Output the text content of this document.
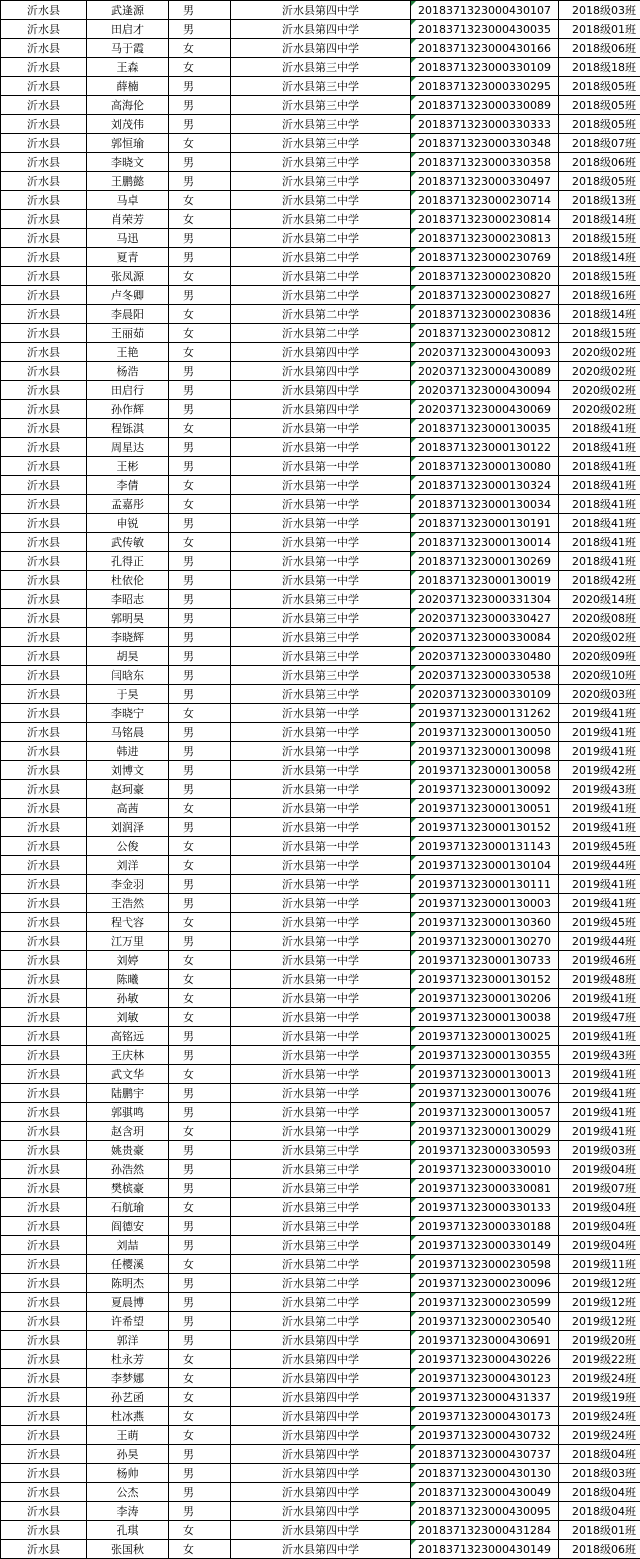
沂水县	武逢源	男	沂水县第四中学	2018371323000430107	2018级03班
沂水县	田启才	男	沂水县第四中学	2018371323000430035	2018级01班
沂水县	马于霞	女	沂水县第四中学	2018371323000430166	2018级06班
沂水县	王森	女	沂水县第三中学	2018371323000330109	2018级18班
沂水县	薛楠	男	沂水县第三中学	2018371323000330295	2018级05班
沂水县	高海伦	男	沂水县第三中学	2018371323000330089	2018级05班
沂水县	刘茂伟	男	沂水县第三中学	2018371323000330333	2018级05班
沂水县	郭恒瑜	女	沂水县第三中学	2018371323000330348	2018级07班
沂水县	李晓文	男	沂水县第三中学	2018371323000330358	2018级06班
沂水县	王鹏懿	男	沂水县第三中学	2018371323000330497	2018级05班
沂水县	马卓	女	沂水县第二中学	2018371323000230714	2018级13班
沂水县	肖荣芳	女	沂水县第二中学	2018371323000230814	2018级14班
沂水县	马迅	男	沂水县第二中学	2018371323000230813	2018级15班
沂水县	夏青	男	沂水县第二中学	2018371323000230769	2018级14班
沂水县	张凤源	女	沂水县第二中学	2018371323000230820	2018级15班
沂水县	卢冬卿	男	沂水县第二中学	2018371323000230827	2018级16班
沂水县	李晨阳	女	沂水县第二中学	2018371323000230836	2018级14班
沂水县	王丽茹	女	沂水县第二中学	2018371323000230812	2018级15班
沂水县	王艳	女	沂水县第四中学	2020371323000430093	2020级02班
沂水县	杨浩	男	沂水县第四中学	2020371323000430089	2020级02班
沂水县	田启行	男	沂水县第四中学	2020371323000430094	2020级02班
沂水县	孙作辉	男	沂水县第四中学	2020371323000430069	2020级02班
沂水县	程铄淇	女	沂水县第一中学	2018371323000130035	2018级41班
沂水县	周星达	男	沂水县第一中学	2018371323000130122	2018级41班
沂水县	王彬	男	沂水县第一中学	2018371323000130080	2018级41班
沂水县	李倩	女	沂水县第一中学	2018371323000130324	2018级41班
沂水县	孟嘉彤	女	沂水县第一中学	2018371323000130034	2018级41班
沂水县	申锐	男	沂水县第一中学	2018371323000130191	2018级41班
沂水县	武传敏	女	沂水县第一中学	2018371323000130014	2018级41班
沂水县	孔得正	男	沂水县第一中学	2018371323000130269	2018级41班
沂水县	杜依伦	男	沂水县第一中学	2018371323000130019	2018级42班
沂水县	李昭志	男	沂水县第三中学	2020371323000331304	2020级14班
沂水县	郭明昊	男	沂水县第三中学	2020371323000330427	2020级08班
沂水县	李晓辉	男	沂水县第三中学	2020371323000330084	2020级02班
沂水县	胡昊	男	沂水县第三中学	2020371323000330480	2020级09班
沂水县	闫晗东	男	沂水县第三中学	2020371323000330538	2020级10班
沂水县	于昊	男	沂水县第三中学	2020371323000330109	2020级03班
沂水县	李晓宁	女	沂水县第一中学	2019371323000131262	2019级41班
沂水县	马铭晨	男	沂水县第一中学	2019371323000130050	2019级41班
沂水县	韩进	男	沂水县第一中学	2019371323000130098	2019级41班
沂水县	刘博文	男	沂水县第一中学	2019371323000130058	2019级42班
沂水县	赵珂豪	男	沂水县第一中学	2019371323000130092	2019级43班
沂水县	高茜	女	沂水县第一中学	2019371323000130051	2019级41班
沂水县	刘润泽	男	沂水县第一中学	2019371323000130152	2019级41班
沂水县	公俊	女	沂水县第一中学	2019371323000131143	2019级45班
沂水县	刘洋	女	沂水县第一中学	2019371323000130104	2019级44班
沂水县	李金羽	男	沂水县第一中学	2019371323000130111	2019级41班
沂水县	王浩然	男	沂水县第一中学	2019371323000130003	2019级41班
沂水县	程弋容	女	沂水县第一中学	2019371323000130360	2019级45班
沂水县	江万里	男	沂水县第一中学	2019371323000130270	2019级44班
沂水县	刘婷	女	沂水县第一中学	2019371323000130733	2019级46班
沂水县	陈曦	女	沂水县第一中学	2019371323000130152	2019级48班
沂水县	孙敏	女	沂水县第一中学	2019371323000130206	2019级41班
沂水县	刘敏	女	沂水县第一中学	2019371323000130038	2019级47班
沂水县	高铭远	男	沂水县第一中学	2019371323000130025	2019级41班
沂水县	王庆林	男	沂水县第一中学	2019371323000130355	2019级43班
沂水县	武文华	女	沂水县第一中学	2019371323000130013	2019级41班
沂水县	陆鹏宇	男	沂水县第一中学	2019371323000130076	2019级41班
沂水县	郭骐鸣	男	沂水县第一中学	2019371323000130057	2019级41班
沂水县	赵含玥	女	沂水县第一中学	2019371323000130029	2019级41班
沂水县	姚贵豪	男	沂水县第三中学	2019371323000330593	2019级03班
沂水县	孙浩然	男	沂水县第三中学	2019371323000330010	2019级04班
沂水县	樊槟豪	男	沂水县第三中学	2019371323000330081	2019级07班
沂水县	石航瑜	女	沂水县第三中学	2019371323000330133	2019级04班
沂水县	阎德安	男	沂水县第三中学	2019371323000330188	2019级04班
沂水县	刘喆	男	沂水县第三中学	2019371323000330149	2019级04班
沂水县	任樱溪	女	沂水县第二中学	2019371323000230598	2019级11班
沂水县	陈明杰	男	沂水县第二中学	2019371323000230096	2019级12班
沂水县	夏晨博	男	沂水县第二中学	2019371323000230599	2019级12班
沂水县	许希望	男	沂水县第二中学	2019371323000230540	2019级12班
沂水县	郭洋	男	沂水县第四中学	2019371323000430691	2019级20班
沂水县	杜永芳	女	沂水县第四中学	2019371323000430226	2019级22班
沂水县	李梦娜	女	沂水县第四中学	2019371323000430123	2019级24班
沂水县	孙艺函	女	沂水县第四中学	2019371323000431337	2019级19班
沂水县	杜冰燕	女	沂水县第四中学	2019371323000430173	2019级24班
沂水县	王萌	女	沂水县第四中学	2019371323000430732	2019级24班
沂水县	孙昊	男	沂水县第四中学	2018371323000430737	2018级04班
沂水县	杨帅	男	沂水县第四中学	2018371323000430130	2018级03班
沂水县	公杰	男	沂水县第四中学	2018371323000430049	2018级04班
沂水县	李涛	男	沂水县第四中学	2018371323000430095	2018级04班
沂水县	孔琪	女	沂水县第四中学	2018371323000431284	2018级01班
沂水县	张国秋	女	沂水县第四中学	2018371323000430149	2018级06班
